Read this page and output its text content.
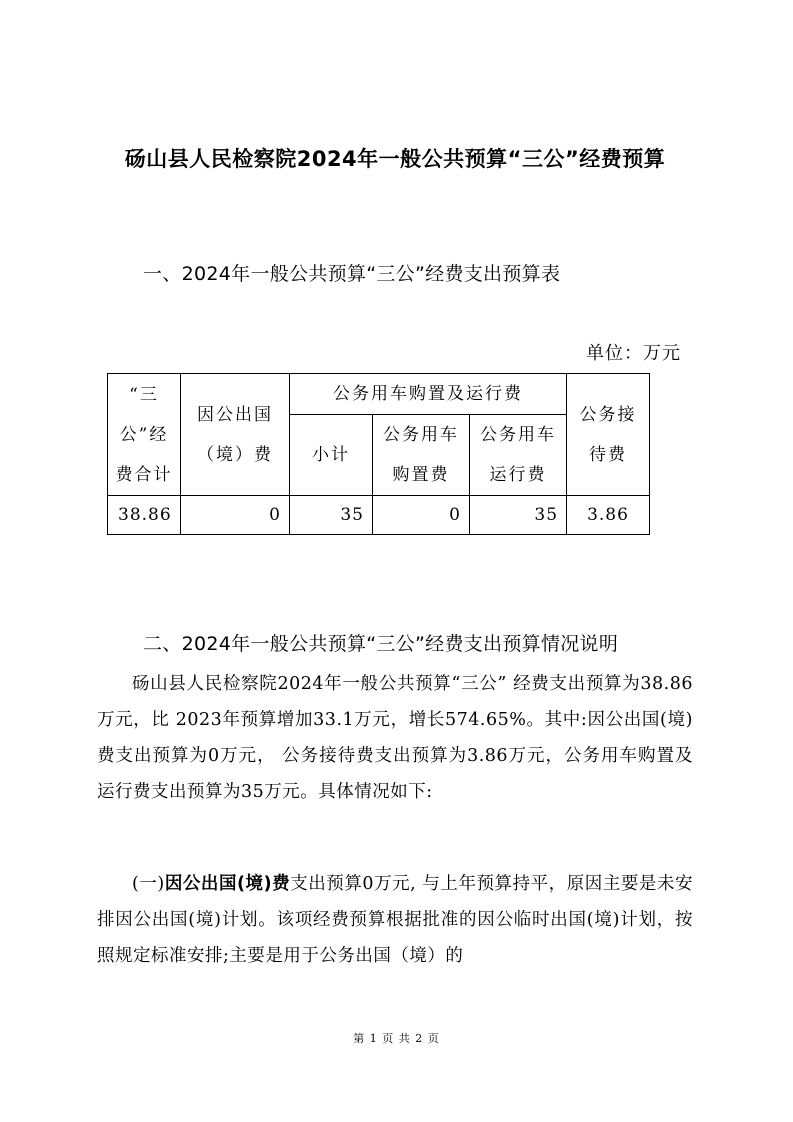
砀山县人民检察院2024年一般公共预算“三公”经费预算
一、2024年一般公共预算“三公”经费支出预算表
单位：万元
“三公”经费合计	因公出国（境）费	公务用车购置及运行费			公务接待费
		小计	公务用车购置费	公务用车运行费	
38.86	0	35	0	35	3.86
二、2024年一般公共预算“三公”经费支出预算情况说明
砀山县人民检察院2024年一般公共预算“三公” 经费支出预算为38.86万元，比 2023年预算增加33.1万元，增长574.65%。其中:因公出国(境)费支出预算为0万元， 公务接待费支出预算为3.86万元，公务用车购置及运行费支出预算为35万元。具体情况如下:
(一)因公出国(境)费支出预算0万元, 与上年预算持平，原因主要是未安排因公出国(境)计划。该项经费预算根据批准的因公临时出国(境)计划，按照规定标准安排;主要是用于公务出国（境）的
第 1 页 共 2 页
